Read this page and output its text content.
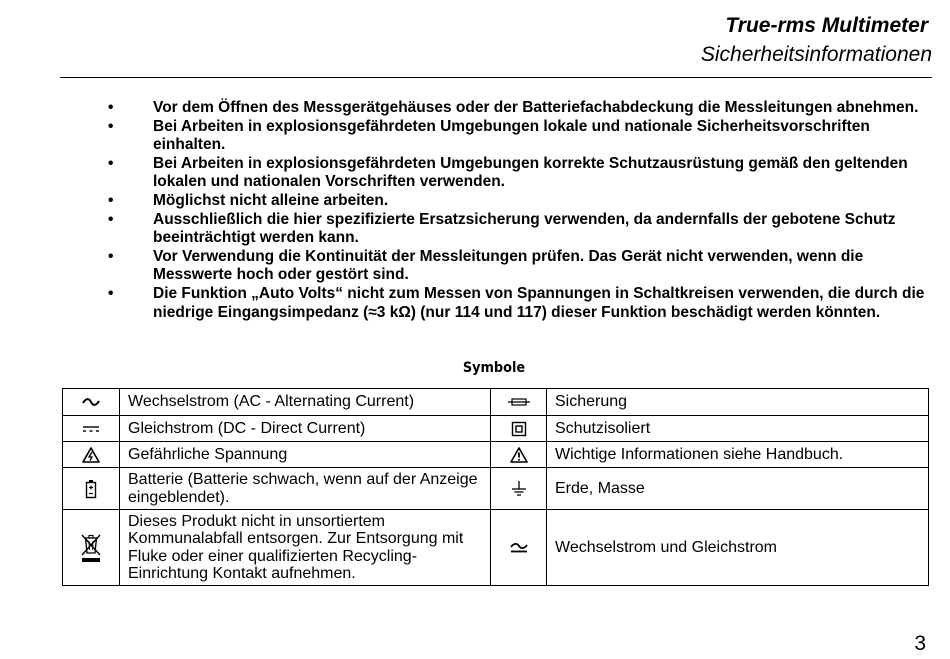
True-rms Multimeter
Sicherheitsinformationen
•	Vor dem Öffnen des Messgerätgehäuses oder der Batteriefachabdeckung die Messleitungen abnehmen.
•	Bei Arbeiten in explosionsgefährdeten Umgebungen lokale und nationale Sicherheitsvorschriften einhalten.
•	Bei Arbeiten in explosionsgefährdeten Umgebungen korrekte Schutzausrüstung gemäß den geltenden lokalen und nationalen Vorschriften verwenden.
•	Möglichst nicht alleine arbeiten.
•	Ausschließlich die hier spezifizierte Ersatzsicherung verwenden, da andernfalls der gebotene Schutz beeinträchtigt werden kann.
•	Vor Verwendung die Kontinuität der Messleitungen prüfen. Das Gerät nicht verwenden, wenn die Messwerte hoch oder gestört sind.
•	Die Funktion „Auto Volts“ nicht zum Messen von Spannungen in Schaltkreisen verwenden, die durch die niedrige Eingangsimpedanz (≈3 kΩ) (nur 114 und 117) dieser Funktion beschädigt werden könnten.
Symbole
	Wechselstrom (AC - Alternating Current)		Sicherung

	Gleichstrom (DC - Direct Current)		Schutzisoliert

	Gefährliche Spannung		Wichtige Informationen siehe Handbuch.

	Batterie (Batterie schwach, wenn auf der Anzeige eingeblendet).		Erde, Masse

	Dieses Produkt nicht in unsortiertem Kommunalabfall entsorgen. Zur Entsorgung mit Fluke oder einer qualifizierten Recycling-Einrichtung Kontakt aufnehmen.		Wechselstrom und Gleichstrom
3
